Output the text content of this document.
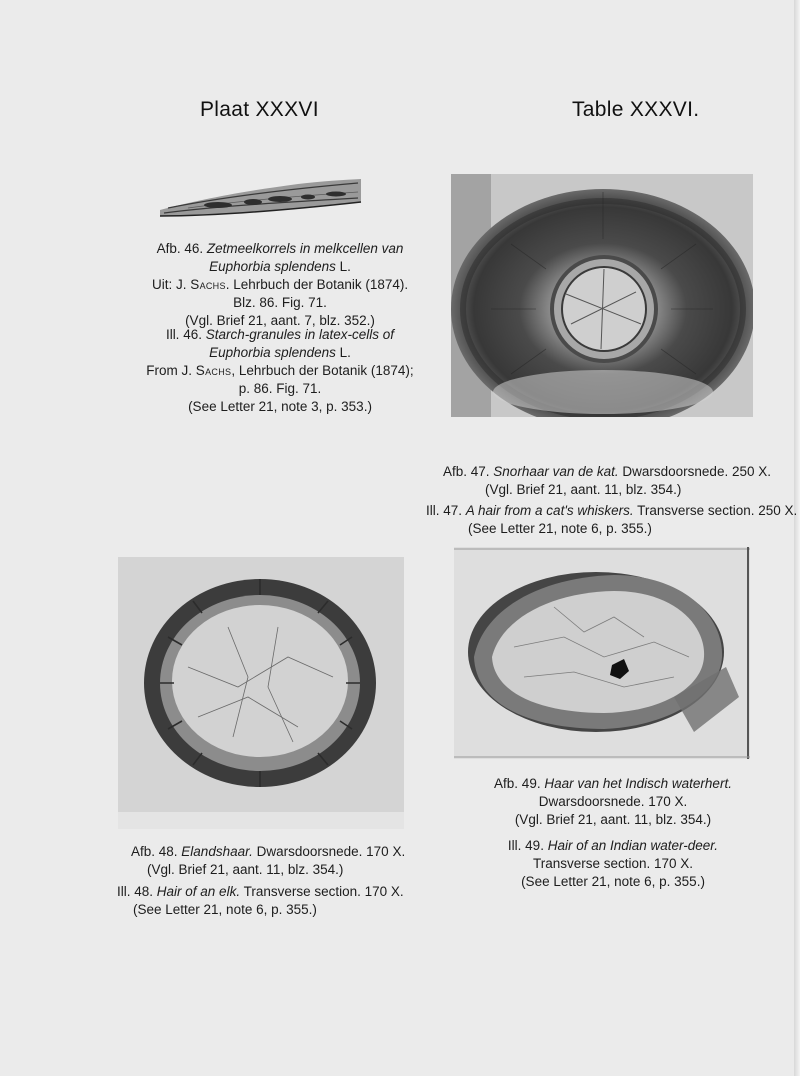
Plaat XXXVI	Table XXXVI.
Afb. 46. Zetmeelkorrels in melkcellen van
Euphorbia splendens L.
Uit: J. Sachs. Lehrbuch der Botanik (1874).
Blz. 86. Fig. 71.
(Vgl. Brief 21, aant. 7, blz. 352.)
Ill. 46. Starch-granules in latex-cells of
Euphorbia splendens L.
From J. Sachs, Lehrbuch der Botanik (1874);
p. 86. Fig. 71.
(See Letter 21, note 3, p. 353.)
Afb. 47. Snorhaar van de kat. Dwarsdoorsnede. 250 X.
(Vgl. Brief 21, aant. 11, blz. 354.)
Ill. 47. A hair from a cat's whiskers. Transverse section. 250 X.
(See Letter 21, note 6, p. 355.)
Afb. 48. Elandshaar. Dwarsdoorsnede. 170 X.
(Vgl. Brief 21, aant. 11, blz. 354.)
Ill. 48. Hair of an elk. Transverse section. 170 X.
(See Letter 21, note 6, p. 355.)
Afb. 49. Haar van het Indisch waterhert.
Dwarsdoorsnede. 170 X.
(Vgl. Brief 21, aant. 11, blz. 354.)
Ill. 49. Hair of an Indian water-deer.
Transverse section. 170 X.
(See Letter 21, note 6, p. 355.)
